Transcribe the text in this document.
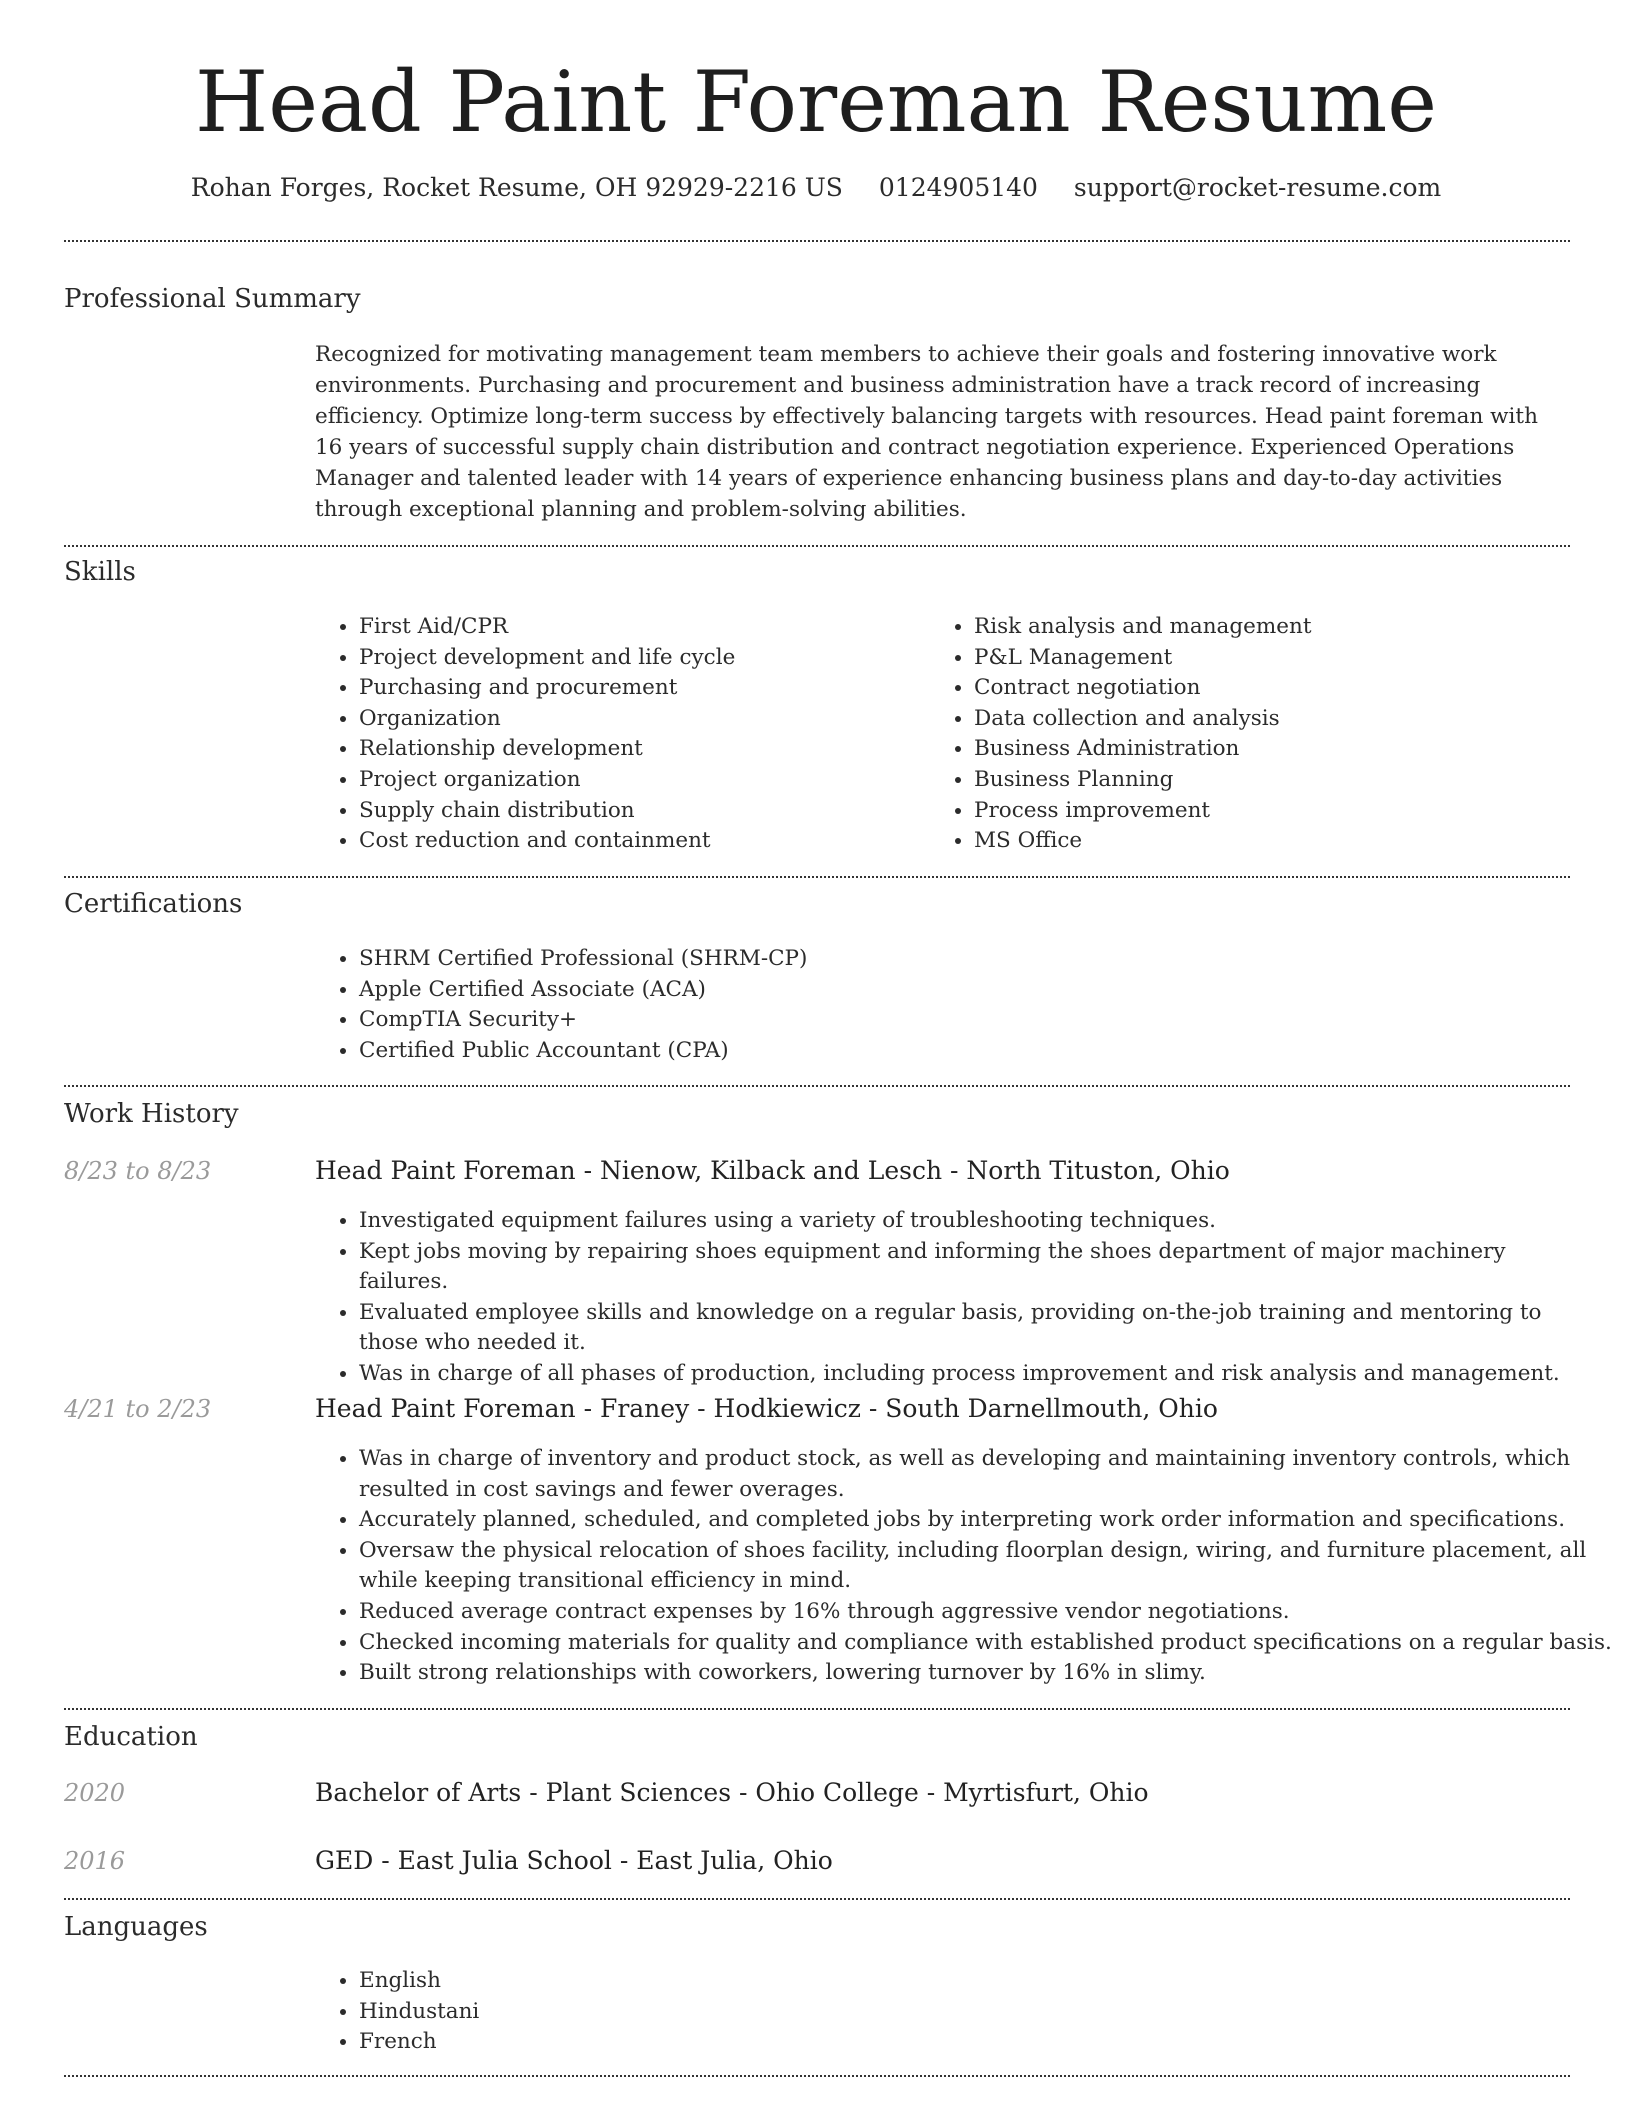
Head Paint Foreman Resume
Rohan Forges, Rocket Resume, OH 92929-2216 US 0124905140 support@rocket-resume.com
Professional Summary
Recognized for motivating management team members to achieve their goals and fostering innovative work environments. Purchasing and procurement and business administration have a track record of increasing efficiency. Optimize long-term success by effectively balancing targets with resources. Head paint foreman with 16 years of successful supply chain distribution and contract negotiation experience. Experienced Operations Manager and talented leader with 14 years of experience enhancing business plans and day-to-day activities through exceptional planning and problem-solving abilities.
Skills
• First Aid/CPR
• Project development and life cycle
• Purchasing and procurement
• Organization
• Relationship development
• Project organization
• Supply chain distribution
• Cost reduction and containment
• Risk analysis and management
• P&L Management
• Contract negotiation
• Data collection and analysis
• Business Administration
• Business Planning
• Process improvement
• MS Office
Certifications
• SHRM Certified Professional (SHRM-CP)
• Apple Certified Associate (ACA)
• CompTIA Security+
• Certified Public Accountant (CPA)
Work History
8/23 to 8/23	Head Paint Foreman - Nienow, Kilback and Lesch - North Tituston, Ohio
• Investigated equipment failures using a variety of troubleshooting techniques.
• Kept jobs moving by repairing shoes equipment and informing the shoes department of major machinery failures.
• Evaluated employee skills and knowledge on a regular basis, providing on-the-job training and mentoring to those who needed it.
• Was in charge of all phases of production, including process improvement and risk analysis and management.
4/21 to 2/23	Head Paint Foreman - Franey - Hodkiewicz - South Darnellmouth, Ohio
• Was in charge of inventory and product stock, as well as developing and maintaining inventory controls, which resulted in cost savings and fewer overages.
• Accurately planned, scheduled, and completed jobs by interpreting work order information and specifications.
• Oversaw the physical relocation of shoes facility, including floorplan design, wiring, and furniture placement, all while keeping transitional efficiency in mind.
• Reduced average contract expenses by 16% through aggressive vendor negotiations.
• Checked incoming materials for quality and compliance with established product specifications on a regular basis.
• Built strong relationships with coworkers, lowering turnover by 16% in slimy.
Education
2020	Bachelor of Arts - Plant Sciences - Ohio College - Myrtisfurt, Ohio
2016	GED - East Julia School - East Julia, Ohio
Languages
• English
• Hindustani
• French
